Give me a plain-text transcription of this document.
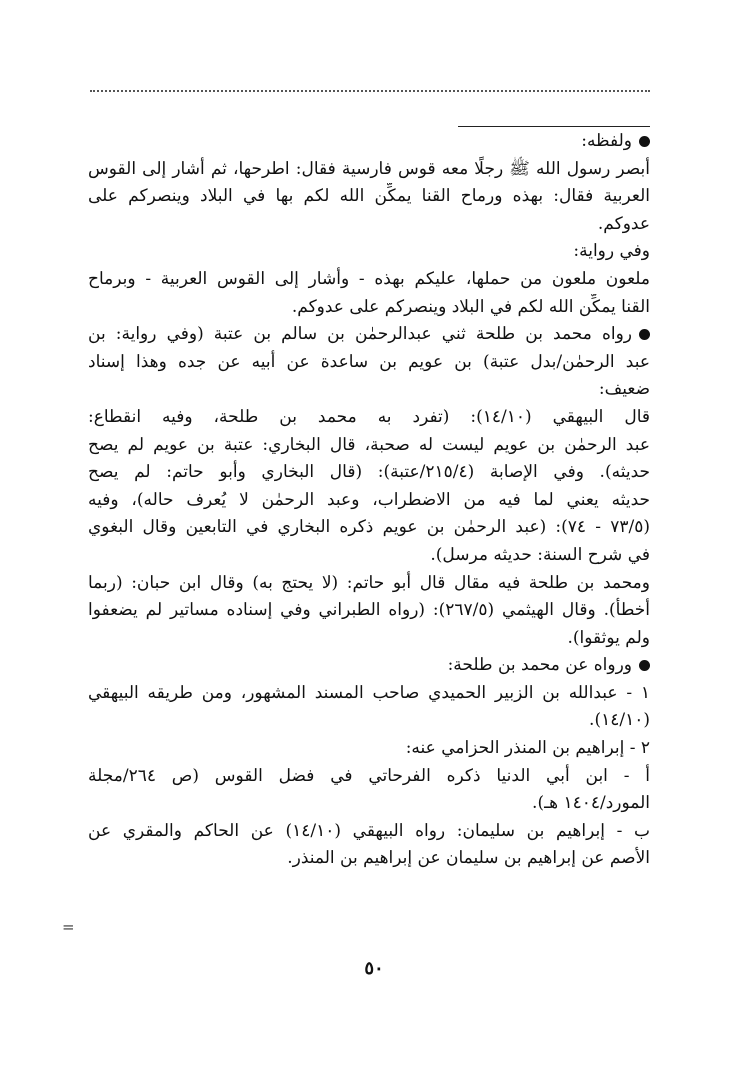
ولفظه:
أبصر رسول الله ﷺ رجلًا معه قوس فارسية فقال: اطرحها، ثم أشار إلى القوس
العربية فقال: بهذه ورماح القنا يمكِّن الله لكم بها في البلاد وينصركم على
عدوكم.
وفي رواية:
ملعون ملعون من حملها، عليكم بهذه - وأشار إلى القوس العربية - وبرماح
القنا يمكِّن الله لكم في البلاد وينصركم على عدوكم.
رواه محمد بن طلحة ثني عبدالرحمٰن بن سالم بن عتبة (وفي رواية: بن
عبد الرحمٰن/بدل عتبة) بن عويم بن ساعدة عن أبيه عن جده وهذا إسناد
ضعيف:
قال البيهقي (١٤/١٠): (تفرد به محمد بن طلحة، وفيه انقطاع:
عبد الرحمٰن بن عويم ليست له صحبة، قال البخاري: عتبة بن عويم لم يصح
حديثه). وفي الإصابة (٢١٥/٤/عتبة): (قال البخاري وأبو حاتم: لم يصح
حديثه يعني لما فيه من الاضطراب، وعبد الرحمٰن لا يُعرف حاله)، وفيه
(٧٣/٥ - ٧٤): (عبد الرحمٰن بن عويم ذكره البخاري في التابعين وقال البغوي
في شرح السنة: حديثه مرسل).
ومحمد بن طلحة فيه مقال قال أبو حاتم: (لا يحتج به) وقال ابن حبان: (ربما
أخطأ). وقال الهيثمي (٢٦٧/٥): (رواه الطبراني وفي إسناده مساتير لم يضعفوا
ولم يوثقوا).
ورواه عن محمد بن طلحة:
١ - عبدالله بن الزبير الحميدي صاحب المسند المشهور، ومن طريقه البيهقي
(١٤/١٠).
٢ - إبراهيم بن المنذر الحزامي عنه:
أ - ابن أبي الدنيا ذكره الفرحاتي في فضل القوس (ص ٢٦٤/مجلة
المورد/١٤٠٤ هـ).
ب - إبراهيم بن سليمان: رواه البيهقي (١٤/١٠) عن الحاكم والمقري عن
الأصم عن إبراهيم بن سليمان عن إبراهيم بن المنذر.
=
٥٠
